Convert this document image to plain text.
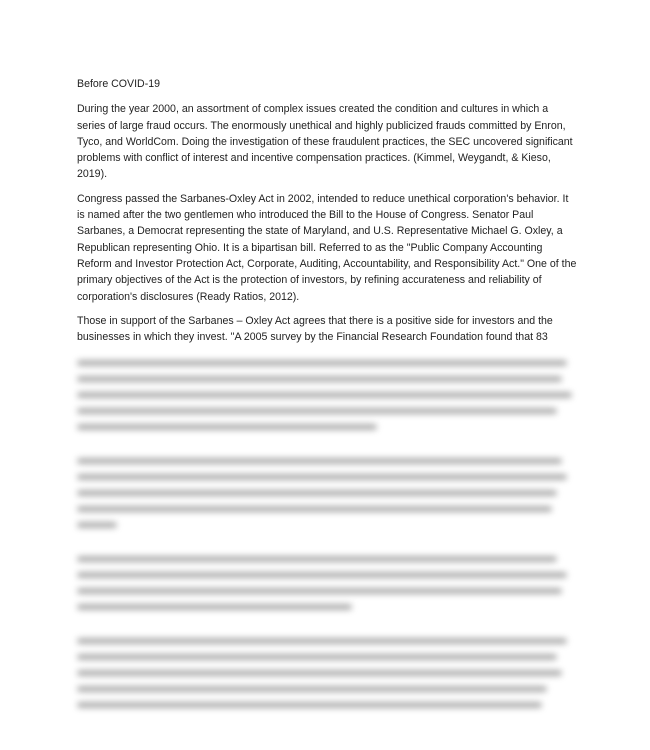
Before COVID-19

During the year 2000, an assortment of complex issues created the condition and cultures in which a series of large fraud occurs. The enormously unethical and highly publicized frauds committed by Enron, Tyco, and WorldCom. Doing the investigation of these fraudulent practices, the SEC uncovered significant problems with conflict of interest and incentive compensation practices. (Kimmel, Weygandt, & Kieso, 2019).

Congress passed the Sarbanes-Oxley Act in 2002, intended to reduce unethical corporation's behavior. It is named after the two gentlemen who introduced the Bill to the House of Congress. Senator Paul Sarbanes, a Democrat representing the state of Maryland, and U.S. Representative Michael G. Oxley, a Republican representing Ohio. It is a bipartisan bill. Referred to as the "Public Company Accounting Reform and Investor Protection Act, Corporate, Auditing, Accountability, and Responsibility Act." One of the primary objectives of the Act is the protection of investors, by refining accurateness and reliability of corporation's disclosures (Ready Ratios, 2012).

Those in support of the Sarbanes – Oxley Act agrees that there is a positive side for investors and the businesses in which they invest. "A 2005 survey by the Financial Research Foundation found that 83
